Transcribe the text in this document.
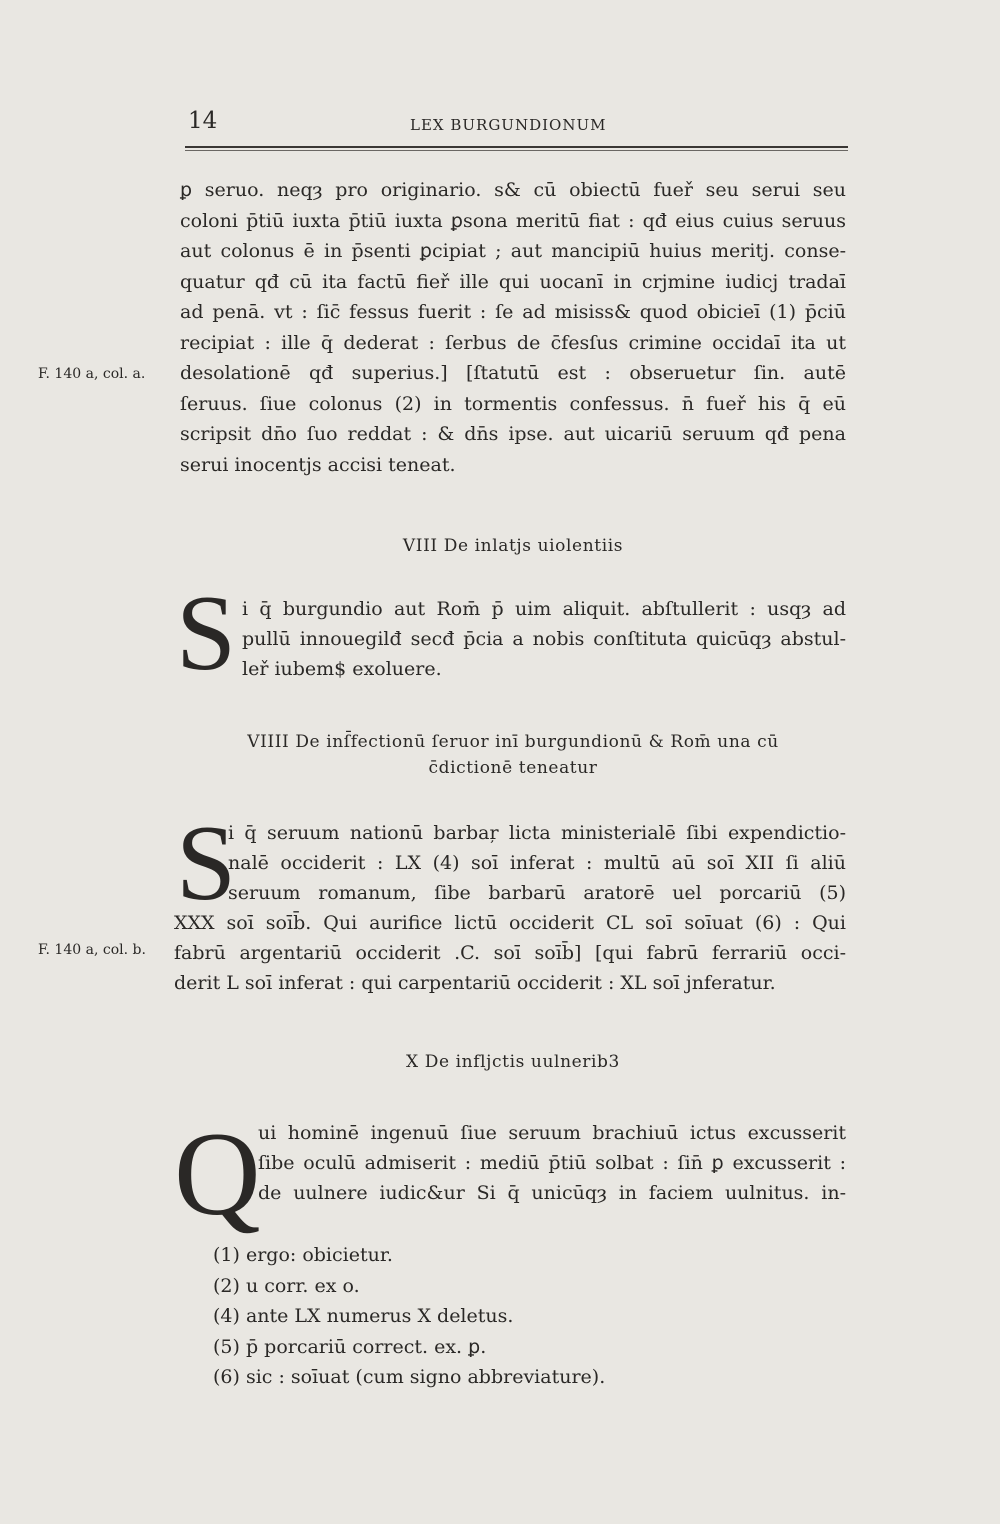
14	LEX BURGUNDIONUM
ꝑ seruo. neqȝ pro originario. s& cū obiectū fueř seu serui seu
coloni p̄tiū iuxta p̄tiū iuxta ꝑsona meritū fiat : qđ eius cuius seruus
aut colonus ē in p̄senti ꝑcipiat ; aut mancipiū huius meritj. conse-
quatur qđ cū ita factū fieř ille qui uocanī in crjmine iudicj tradaī
ad penā. vt : ſic̄ fessus fuerit : ſe ad misiss& quod obicieī (1) p̄ciū
recipiat : ille q̄ dederat : ſerbus de c̄fesſus crimine occidaī ita ut
desolationē qđ superius.] [ſtatutū est : obseruetur ſin. autē
ſeruus. ſiue colonus (2) in tormentis confessus. n̄ fueř his q̄ eū
scripsit dn̄o ſuo reddat : & dn̄s ipse. aut uicariū seruum qđ pena
serui inocentjs accisi teneat.
F. 140 a, col. a.
VIII De inlatjs uiolentiis
S i q̄ burgundio aut Rom̄ p̄ uim aliquit. abſtullerit : usqȝ ad
pullū innouegilđ secđ p̄cia a nobis conſtituta quicūqȝ abstul-
leř iubem$ exoluere.
VIIII De inſ̄fectionū ſeruor inī burgundionū & Rom̄ una cū
c̄dictionē teneatur
S
i q̄ seruum nationū barbaŗ licta ministerialē ſibi expendictio-
nalē occiderit : LX (4) soī inferat : multū aū soī XII ſi aliū
seruum romanum, ſibe barbarū aratorē uel porcariū (5)
XXX soī soīb̄. Qui aurifice lictū occiderit CL soī soīuat (6) : Qui
fabrū argentariū occiderit .C. soī soīb̄] [qui fabrū ferrariū occi-
derit L soī inferat : qui carpentariū occiderit : XL soī jnferatur.
F. 140 a, col. b.
X De infljctis uulnerib3
Q
ui hominē ingenuū ſiue seruum brachiuū ictus excusserit
ſibe oculū admiserit : mediū p̄tiū solbat : ſin̄ ꝑ excusserit :
de uulnere iudic&ur Si q̄ unicūqȝ in faciem uulnitus. in-
(1) ergo: obicietur.
(2) u corr. ex o.
(4) ante LX numerus X deletus.
(5) p̄ porcariū correct. ex. ꝑ.
(6) sic : soīuat (cum signo abbreviature).
